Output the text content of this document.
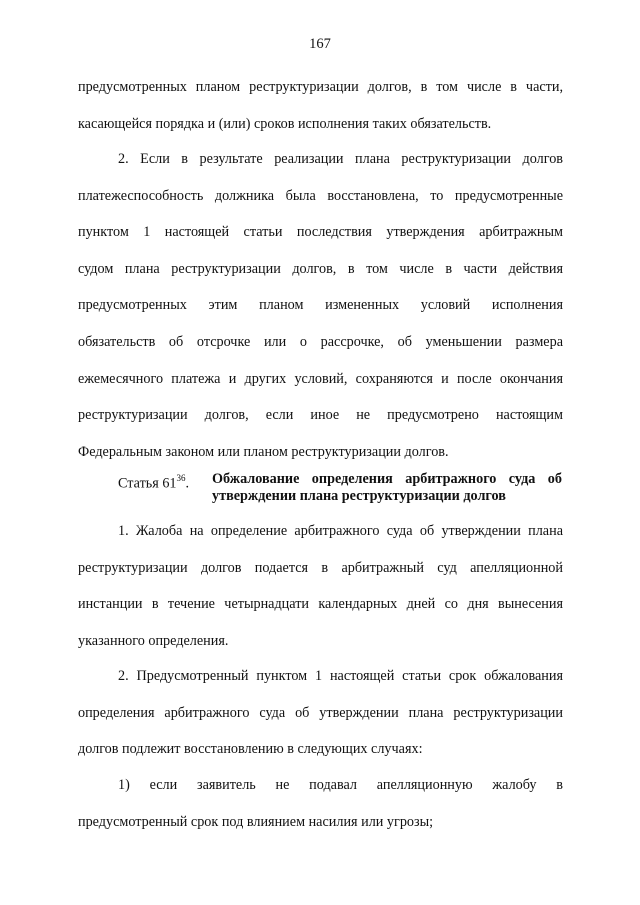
167
предусмотренных планом реструктуризации долгов, в том числе в части,
касающейся порядка и (или) сроков исполнения таких обязательств.
2. Если в результате реализации плана реструктуризации долгов
платежеспособность должника была восстановлена, то предусмотренные
пунктом 1 настоящей статьи последствия утверждения арбитражным
судом плана реструктуризации долгов, в том числе в части действия
предусмотренных этим планом измененных условий исполнения
обязательств об отсрочке или о рассрочке, об уменьшении размера
ежемесячного платежа и других условий, сохраняются и после окончания
реструктуризации долгов, если иное не предусмотрено настоящим
Федеральным законом или планом реструктуризации долгов.
Статья $61^{36}$. Обжалование определения арбитражного суда об
утверждении плана реструктуризации долгов
1. Жалоба на определение арбитражного суда об утверждении плана
реструктуризации долгов подается в арбитражный суд апелляционной
инстанции в течение четырнадцати календарных дней со дня вынесения
указанного определения.
2. Предусмотренный пунктом 1 настоящей статьи срок обжалования
определения арбитражного суда об утверждении плана реструктуризации
долгов подлежит восстановлению в следующих случаях:
1) если заявитель не подавал апелляционную жалобу в
предусмотренный срок под влиянием насилия или угрозы;
